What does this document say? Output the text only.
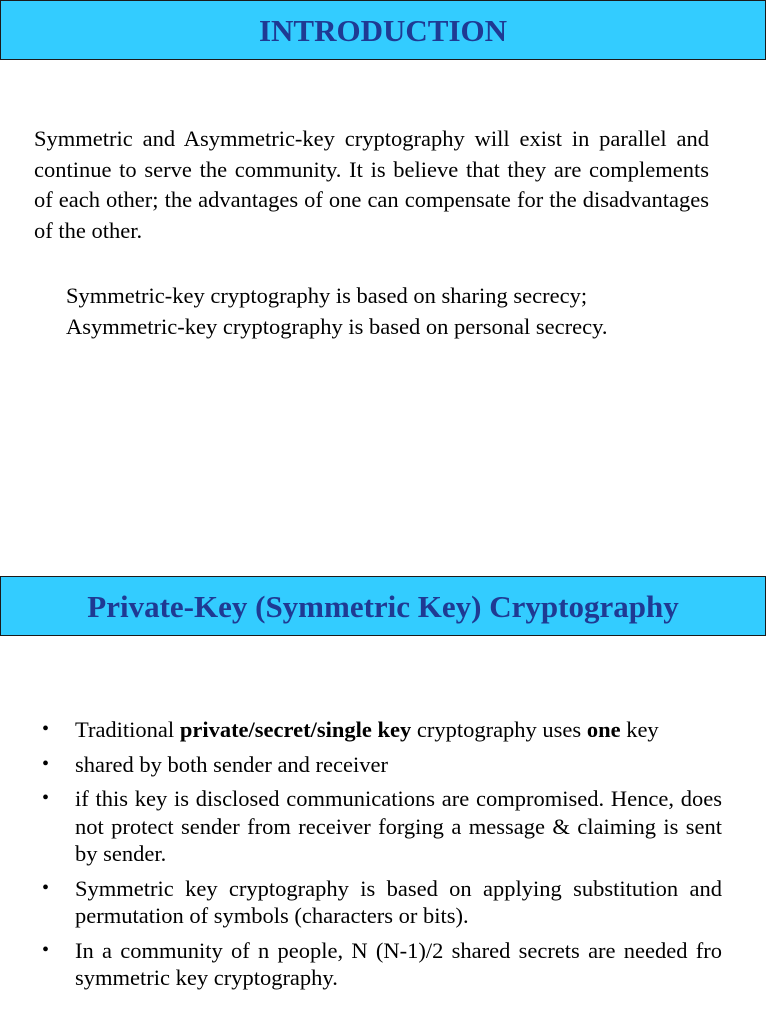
INTRODUCTION

Symmetric and Asymmetric-key cryptography will exist in parallel and continue to serve the community. It is believe that they are complements of each other; the advantages of one can compensate for the disadvantages of the other.

Symmetric-key cryptography is based on sharing secrecy;
Asymmetric-key cryptography is based on personal secrecy.

Private-Key (Symmetric Key) Cryptography
• Traditional private/secret/single key cryptography uses one key
• shared by both sender and receiver
• if this key is disclosed communications are compromised. Hence, does not protect sender from receiver forging a message & claiming is sent by sender.
• Symmetric key cryptography is based on applying substitution and permutation of symbols (characters or bits).
• In a community of n people, N (N-1)/2 shared secrets are needed fro symmetric key cryptography.
